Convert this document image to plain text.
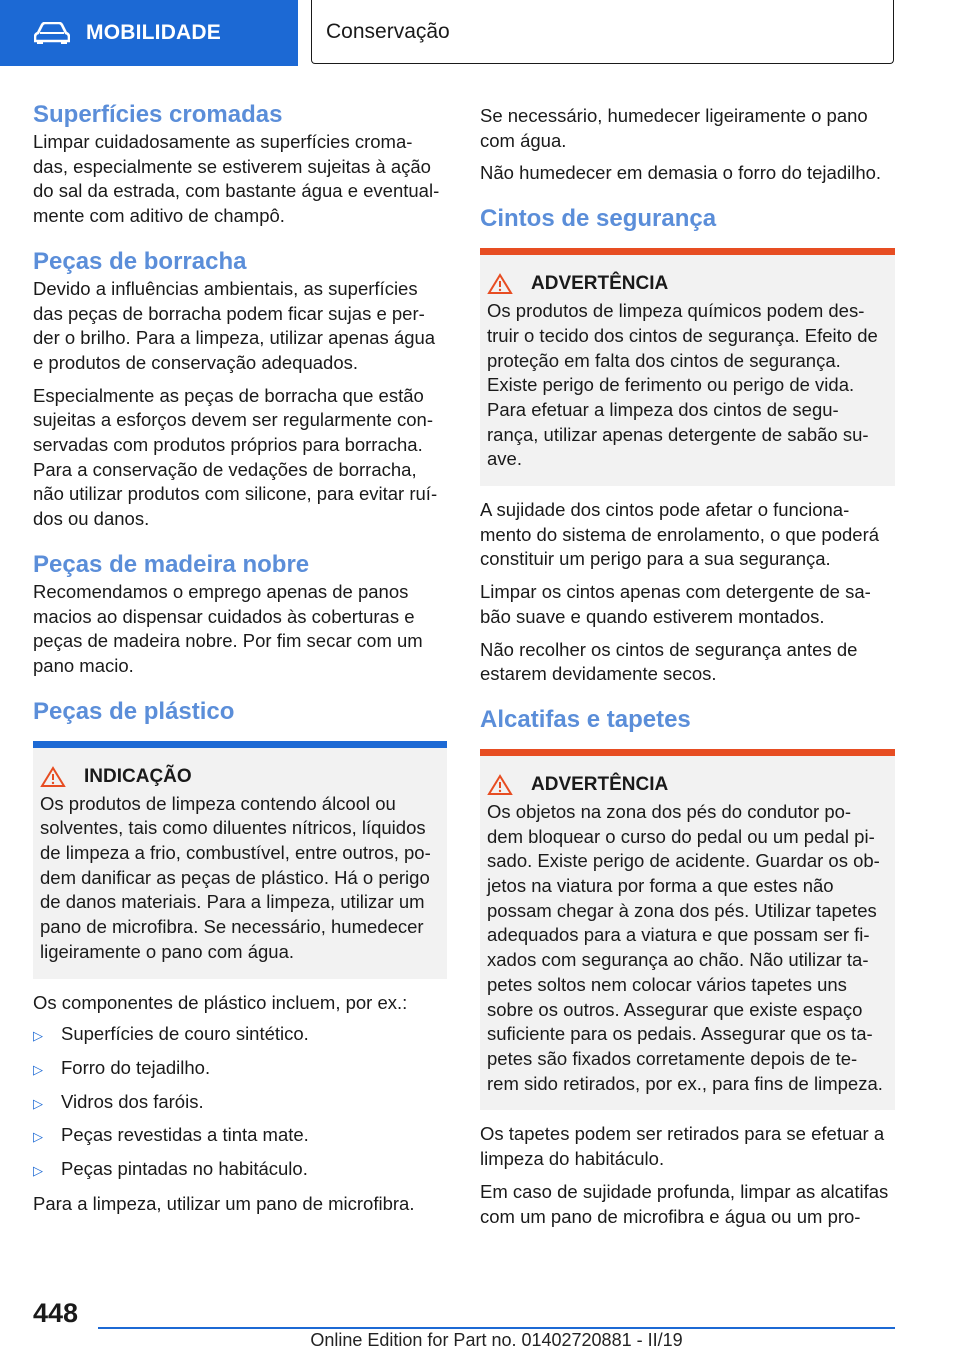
MOBILIDADE	Conservação
Superfícies cromadas

Limpar cuidadosamente as superfícies croma-das, especialmente se estiverem sujeitas à ação do sal da estrada, com bastante água e eventual-mente com aditivo de champô.

Peças de borracha

Devido a influências ambientais, as superfícies das peças de borracha podem ficar sujas e per-der o brilho. Para a limpeza, utilizar apenas água e produtos de conservação adequados.

Especialmente as peças de borracha que estão sujeitas a esforços devem ser regularmente con-servadas com produtos próprios para borracha. Para a conservação de vedações de borracha, não utilizar produtos com silicone, para evitar ruí-dos ou danos.

Peças de madeira nobre

Recomendamos o emprego apenas de panos macios ao dispensar cuidados às coberturas e peças de madeira nobre. Por fim secar com um pano macio.

Peças de plástico
INDICAÇÃO

Os produtos de limpeza contendo álcool ou solventes, tais como diluentes nítricos, líquidos de limpeza a frio, combustível, entre outros, po-dem danificar as peças de plástico. Há o perigo de danos materiais. Para a limpeza, utilizar um pano de microfibra. Se necessário, humedecer ligeiramente o pano com água.

Os componentes de plástico incluem, por ex.:

▷ Superfícies de couro sintético.
▷ Forro do tejadilho.
▷ Vidros dos faróis.
▷ Peças revestidas a tinta mate.
▷ Peças pintadas no habitáculo.

Para a limpeza, utilizar um pano de microfibra.

Se necessário, humedecer ligeiramente o pano com água.

Não humedecer em demasia o forro do tejadilho.

Cintos de segurança
ADVERTÊNCIA

Os produtos de limpeza químicos podem des-truir o tecido dos cintos de segurança. Efeito de proteção em falta dos cintos de segurança. Existe perigo de ferimento ou perigo de vida. Para efetuar a limpeza dos cintos de segu-rança, utilizar apenas detergente de sabão su-ave.

A sujidade dos cintos pode afetar o funciona-mento do sistema de enrolamento, o que poderá constituir um perigo para a sua segurança.

Limpar os cintos apenas com detergente de sa-bão suave e quando estiverem montados.

Não recolher os cintos de segurança antes de estarem devidamente secos.

Alcatifas e tapetes
ADVERTÊNCIA

Os objetos na zona dos pés do condutor po-dem bloquear o curso do pedal ou um pedal pi-sado. Existe perigo de acidente. Guardar os ob-jetos na viatura por forma a que estes não possam chegar à zona dos pés. Utilizar tapetes adequados para a viatura e que possam ser fi-xados com segurança ao chão. Não utilizar ta-petes soltos nem colocar vários tapetes uns sobre os outros. Assegurar que existe espaço suficiente para os pedais. Assegurar que os ta-petes são fixados corretamente depois de te-rem sido retirados, por ex., para fins de limpeza.

Os tapetes podem ser retirados para se efetuar a limpeza do habitáculo.

Em caso de sujidade profunda, limpar as alcatifas com um pano de microfibra e água ou um pro-

448
Online Edition for Part no. 01402720881 - II/19
